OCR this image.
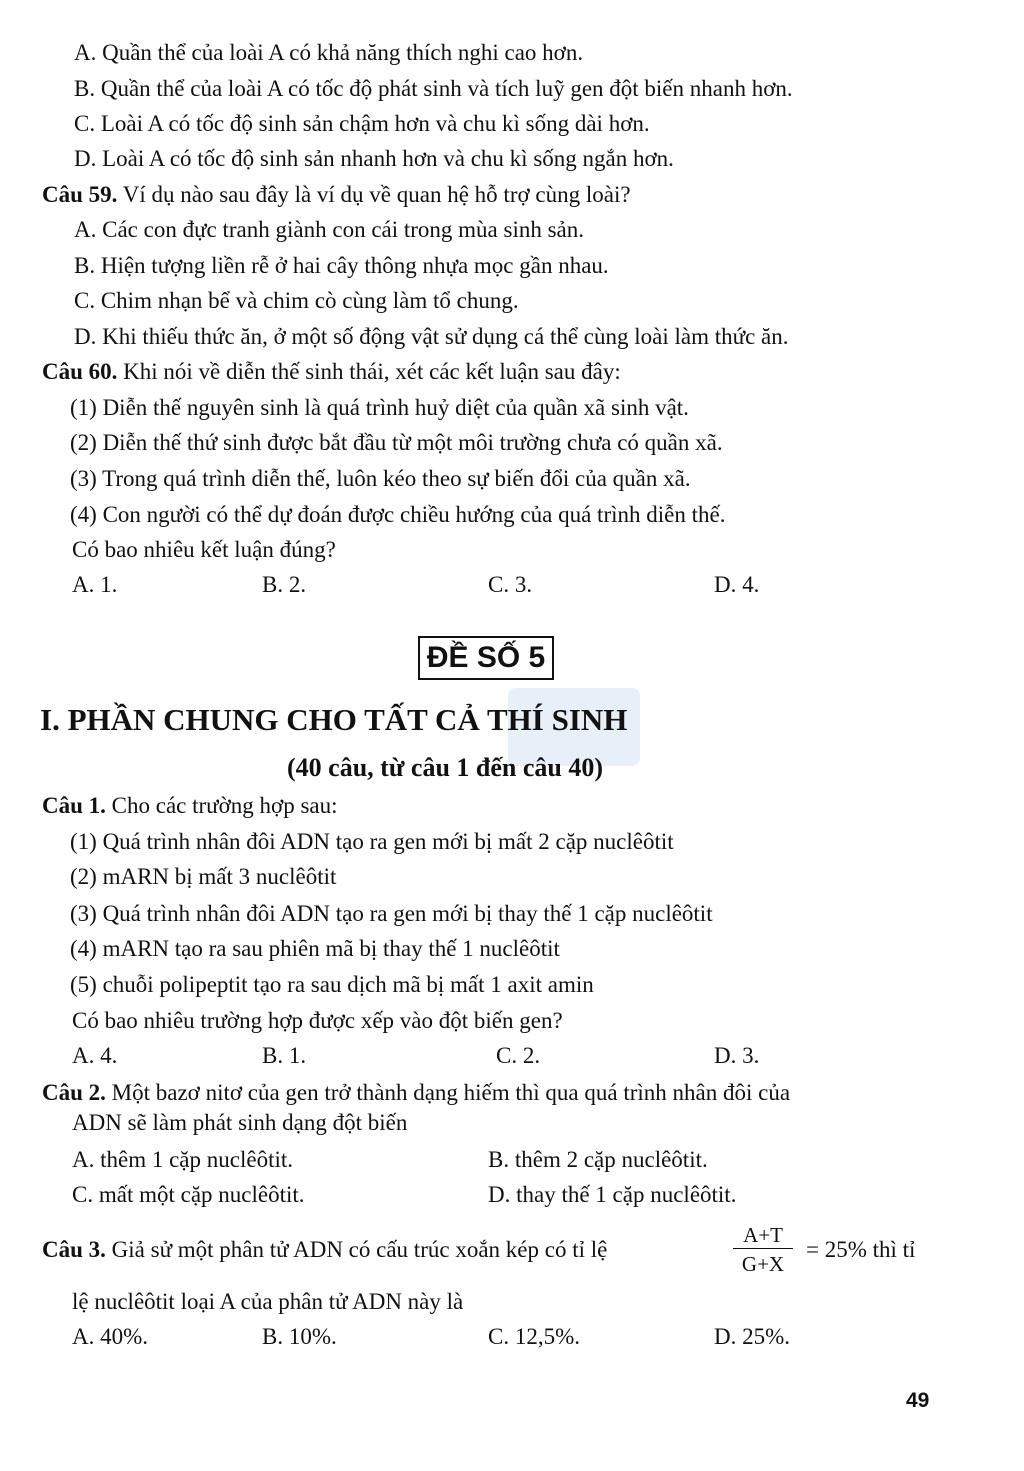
A. Quần thể của loài A có khả năng thích nghi cao hơn.
B. Quần thể của loài A có tốc độ phát sinh và tích luỹ gen đột biến nhanh hơn.
C. Loài A có tốc độ sinh sản chậm hơn và chu kì sống dài hơn.
D. Loài A có tốc độ sinh sản nhanh hơn và chu kì sống ngắn hơn.
Câu 59. Ví dụ nào sau đây là ví dụ về quan hệ hỗ trợ cùng loài?
A. Các con đực tranh giành con cái trong mùa sinh sản.
B. Hiện tượng liền rễ ở hai cây thông nhựa mọc gần nhau.
C. Chim nhạn bể và chim cò cùng làm tổ chung.
D. Khi thiếu thức ăn, ở một số động vật sử dụng cá thể cùng loài làm thức ăn.
Câu 60. Khi nói về diễn thế sinh thái, xét các kết luận sau đây:
(1) Diễn thế nguyên sinh là quá trình huỷ diệt của quần xã sinh vật.
(2) Diễn thế thứ sinh được bắt đầu từ một môi trường chưa có quần xã.
(3) Trong quá trình diễn thế, luôn kéo theo sự biến đổi của quần xã.
(4) Con người có thể dự đoán được chiều hướng của quá trình diễn thế.
Có bao nhiêu kết luận đúng?
A. 1.	B. 2.	C. 3.	D. 4.
ĐỀ SỐ 5
I. PHẦN CHUNG CHO TẤT CẢ THÍ SINH
(40 câu, từ câu 1 đến câu 40)
Câu 1. Cho các trường hợp sau:
(1) Quá trình nhân đôi ADN tạo ra gen mới bị mất 2 cặp nuclêôtit
(2) mARN bị mất 3 nuclêôtit
(3) Quá trình nhân đôi ADN tạo ra gen mới bị thay thế 1 cặp nuclêôtit
(4) mARN tạo ra sau phiên mã bị thay thế 1 nuclêôtit
(5) chuỗi polipeptit tạo ra sau dịch mã bị mất 1 axit amin
Có bao nhiêu trường hợp được xếp vào đột biến gen?
A. 4.	B. 1.	C. 2.	D. 3.
Câu 2. Một bazơ nitơ của gen trở thành dạng hiếm thì qua quá trình nhân đôi của
ADN sẽ làm phát sinh dạng đột biến
A. thêm 1 cặp nuclêôtit.	B. thêm 2 cặp nuclêôtit.
C. mất một cặp nuclêôtit.	D. thay thế 1 cặp nuclêôtit.
Câu 3. Giả sử một phân tử ADN có cấu trúc xoắn kép có tỉ lệ	$\frac{A+T}{G+X} = 25\%$ thì tỉ
lệ nuclêôtit loại A của phân tử ADN này là
A. 40%.	B. 10%.	C. 12,5%.	D. 25%.
49
